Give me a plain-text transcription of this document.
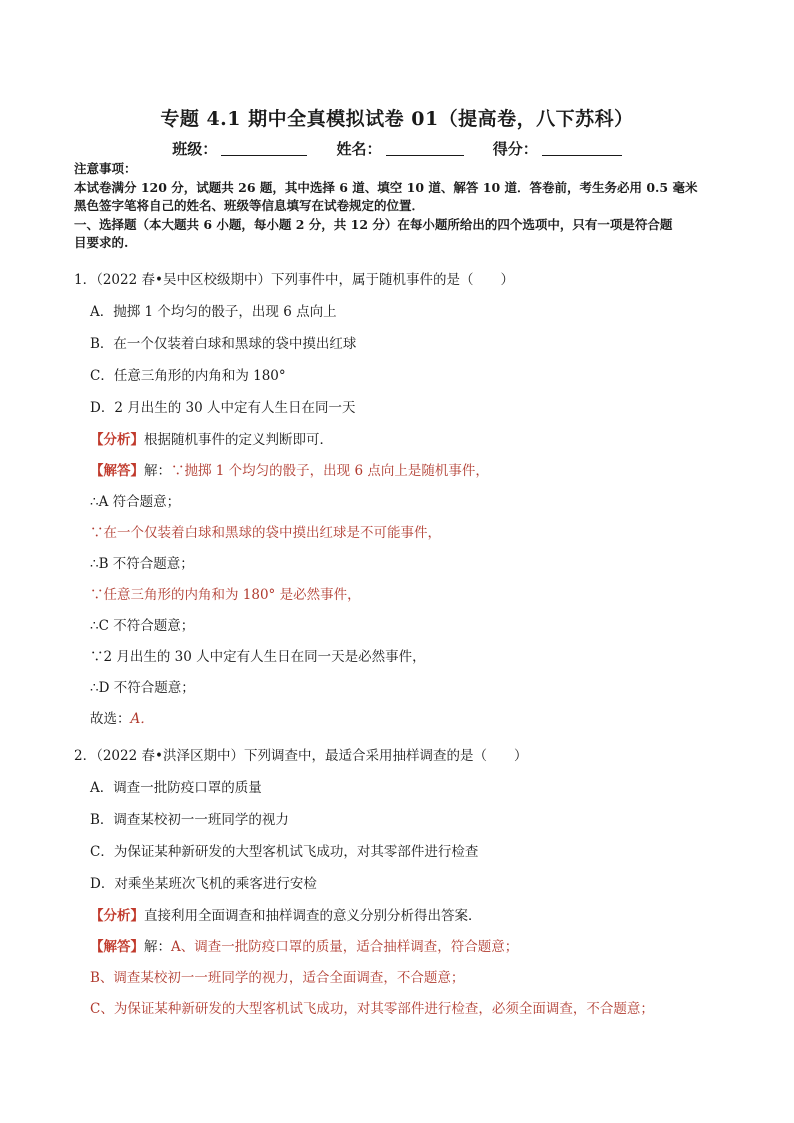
专题 4.1 期中全真模拟试卷 01（提高卷，八下苏科）
班级：	姓名：	得分：

注意事项：

本试卷满分 120 分，试题共 26 题，其中选择 6 道、填空 10 道、解答 10 道．答卷前，考生务必用 0.5 毫米

黑色签字笔将自己的姓名、班级等信息填写在试卷规定的位置．

一、选择题（本大题共 6 小题，每小题 2 分，共 12 分）在每小题所给出的四个选项中，只有一项是符合题

目要求的.

1．（2022 春•吴中区校级期中）下列事件中，属于随机事件的是（　　）

A．抛掷 1 个均匀的骰子，出现 6 点向上

B．在一个仅装着白球和黑球的袋中摸出红球

C．任意三角形的内角和为 180°

D．2 月出生的 30 人中定有人生日在同一天

【分析】根据随机事件的定义判断即可．

【解答】解：∵抛掷 1 个均匀的骰子，出现 6 点向上是随机事件，

∴A 符合题意；

∵在一个仅装着白球和黑球的袋中摸出红球是不可能事件，

∴B 不符合题意；

∵任意三角形的内角和为 180° 是必然事件，

∴C 不符合题意；

∵2 月出生的 30 人中定有人生日在同一天是必然事件，

∴D 不符合题意；

故选：A．

2．（2022 春•洪泽区期中）下列调查中，最适合采用抽样调查的是（　　）

A．调查一批防疫口罩的质量

B．调查某校初一一班同学的视力

C．为保证某种新研发的大型客机试飞成功，对其零部件进行检查

D．对乘坐某班次飞机的乘客进行安检

【分析】直接利用全面调查和抽样调查的意义分别分析得出答案．

【解答】解：A、调查一批防疫口罩的质量，适合抽样调查，符合题意；

B、调查某校初一一班同学的视力，适合全面调查，不合题意；

C、为保证某种新研发的大型客机试飞成功，对其零部件进行检查，必须全面调查，不合题意；
